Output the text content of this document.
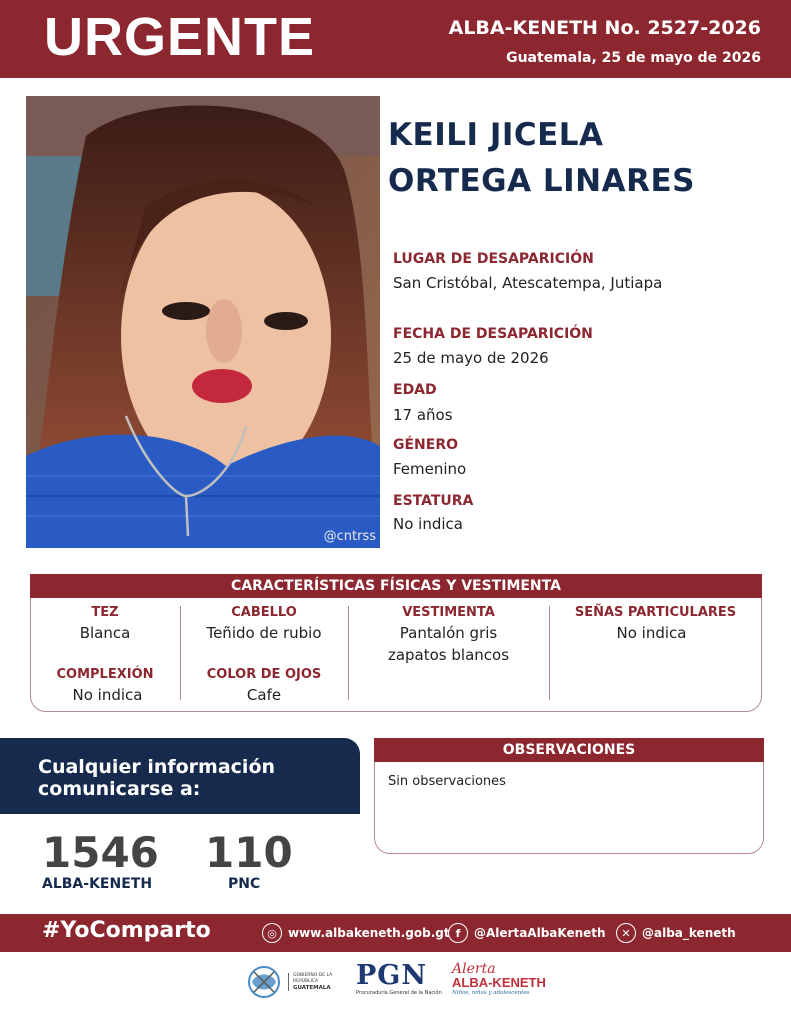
URGENTE	ALBA-KENETH No. 2527-2026
Guatemala, 25 de mayo de 2026
@cntrss
KEILI JICELA
ORTEGA LINARES
LUGAR DE DESAPARICIÓN
San Cristóbal, Atescatempa, Jutiapa
FECHA DE DESAPARICIÓN
25 de mayo de 2026
EDAD
17 años
GÉNERO
Femenino
ESTATURA
No indica
CARACTERÍSTICAS FÍSICAS Y VESTIMENTA
TEZ
Blanca
COMPLEXIÓN
No indica
CABELLO
Teñido de rubio
COLOR DE OJOS
Cafe
VESTIMENTA
Pantalón gris
zapatos blancos
SEÑAS PARTICULARES
No indica
Cualquier información
comunicarse a:
1546
ALBA-KENETH
110
PNC
OBSERVACIONES
Sin observaciones
#YoComparto	◎ www.albakeneth.gob.gt f	@AlertaAlbaKeneth	✕ @alba_keneth
GOBIERNO DE LA REPÚBLICA
GUATEMALA PGN
Procuraduría General de la Nación
Alerta
ALBA-KENETH
Niños, niñas y adolescentes
